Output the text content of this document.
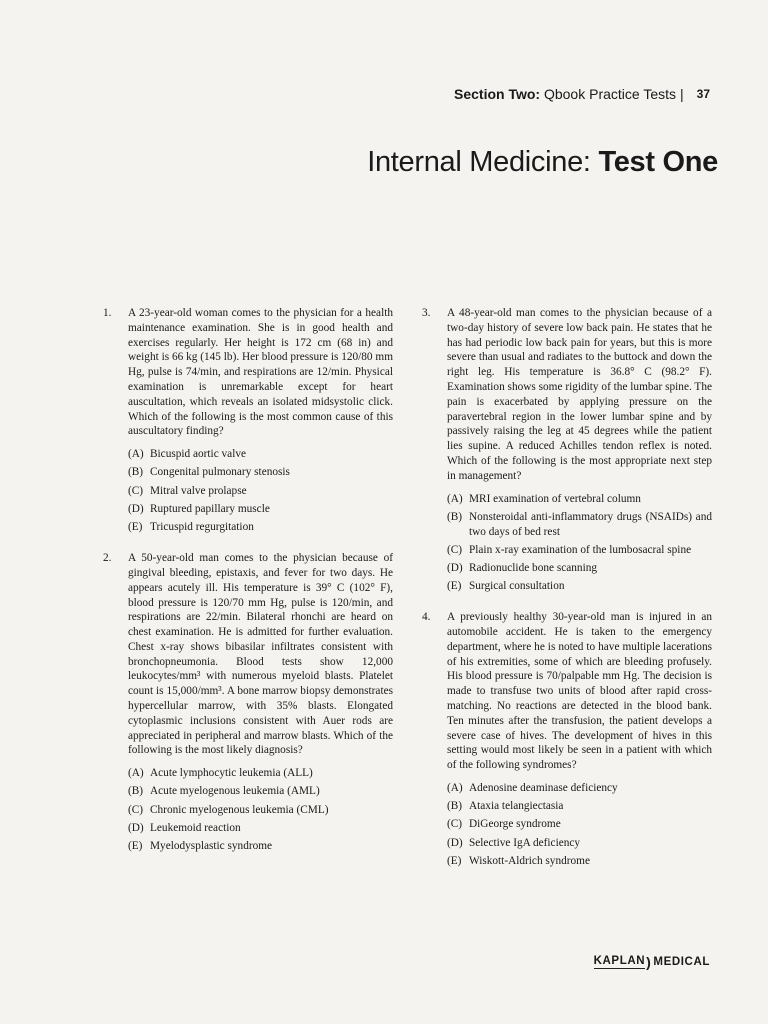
Section Two:
Qbook Practice Tests | 37
Internal Medicine: Test One
1.	A 23-year-old woman comes to the physician for a health maintenance examination. She is in good health and exercises regularly. Her height is 172 cm (68 in) and weight is 66 kg (145 lb). Her blood pressure is 120/80 mm Hg, pulse is 74/min, and respirations are 12/min. Physical examination is unremarkable except for heart auscultation, which reveals an isolated midsystolic click. Which of the following is the most common cause of this auscultatory finding?

(A) Bicuspid aortic valve
(B) Congenital pulmonary stenosis
(C) Mitral valve prolapse
(D) Ruptured papillary muscle
(E) Tricuspid regurgitation
2.	A 50-year-old man comes to the physician because of gingival bleeding, epistaxis, and fever for two days. He appears acutely ill. His temperature is 39° C (102° F), blood pressure is 120/70 mm Hg, pulse is 120/min, and respirations are 22/min. Bilateral rhonchi are heard on chest examination. He is admitted for further evaluation. Chest x-ray shows bibasilar infiltrates consistent with bronchopneumonia. Blood tests show 12,000 leukocytes/mm³ with numerous myeloid blasts. Platelet count is 15,000/mm³. A bone marrow biopsy demonstrates hypercellular marrow, with 35% blasts. Elongated cytoplasmic inclusions consistent with Auer rods are appreciated in peripheral and marrow blasts. Which of the following is the most likely diagnosis?

(A) Acute lymphocytic leukemia (ALL)
(B) Acute myelogenous leukemia (AML)
(C) Chronic myelogenous leukemia (CML)
(D) Leukemoid reaction
(E) Myelodysplastic syndrome
3.	A 48-year-old man comes to the physician because of a two-day history of severe low back pain. He states that he has had periodic low back pain for years, but this is more severe than usual and radiates to the buttock and down the right leg. His temperature is 36.8° C (98.2° F). Examination shows some rigidity of the lumbar spine. The pain is exacerbated by applying pressure on the paravertebral region in the lower lumbar spine and by passively raising the leg at 45 degrees while the patient lies supine. A reduced Achilles tendon reflex is noted. Which of the following is the most appropriate next step in management?

(A) MRI examination of vertebral column
(B) Nonsteroidal anti-inflammatory drugs (NSAIDs) and two days of bed rest
(C) Plain x-ray examination of the lumbosacral spine
(D) Radionuclide bone scanning
(E) Surgical consultation
4.	A previously healthy 30-year-old man is injured in an automobile accident. He is taken to the emergency department, where he is noted to have multiple lacerations of his extremities, some of which are bleeding profusely. His blood pressure is 70/palpable mm Hg. The decision is made to transfuse two units of blood after rapid cross-matching. No reactions are detected in the blood bank. Ten minutes after the transfusion, the patient develops a severe case of hives. The development of hives in this setting would most likely be seen in a patient with which of the following syndromes?

(A) Adenosine deaminase deficiency
(B) Ataxia telangiectasia
(C) DiGeorge syndrome
(D) Selective IgA deficiency
(E) Wiskott-Aldrich syndrome
KAPLAN ) MEDICAL
